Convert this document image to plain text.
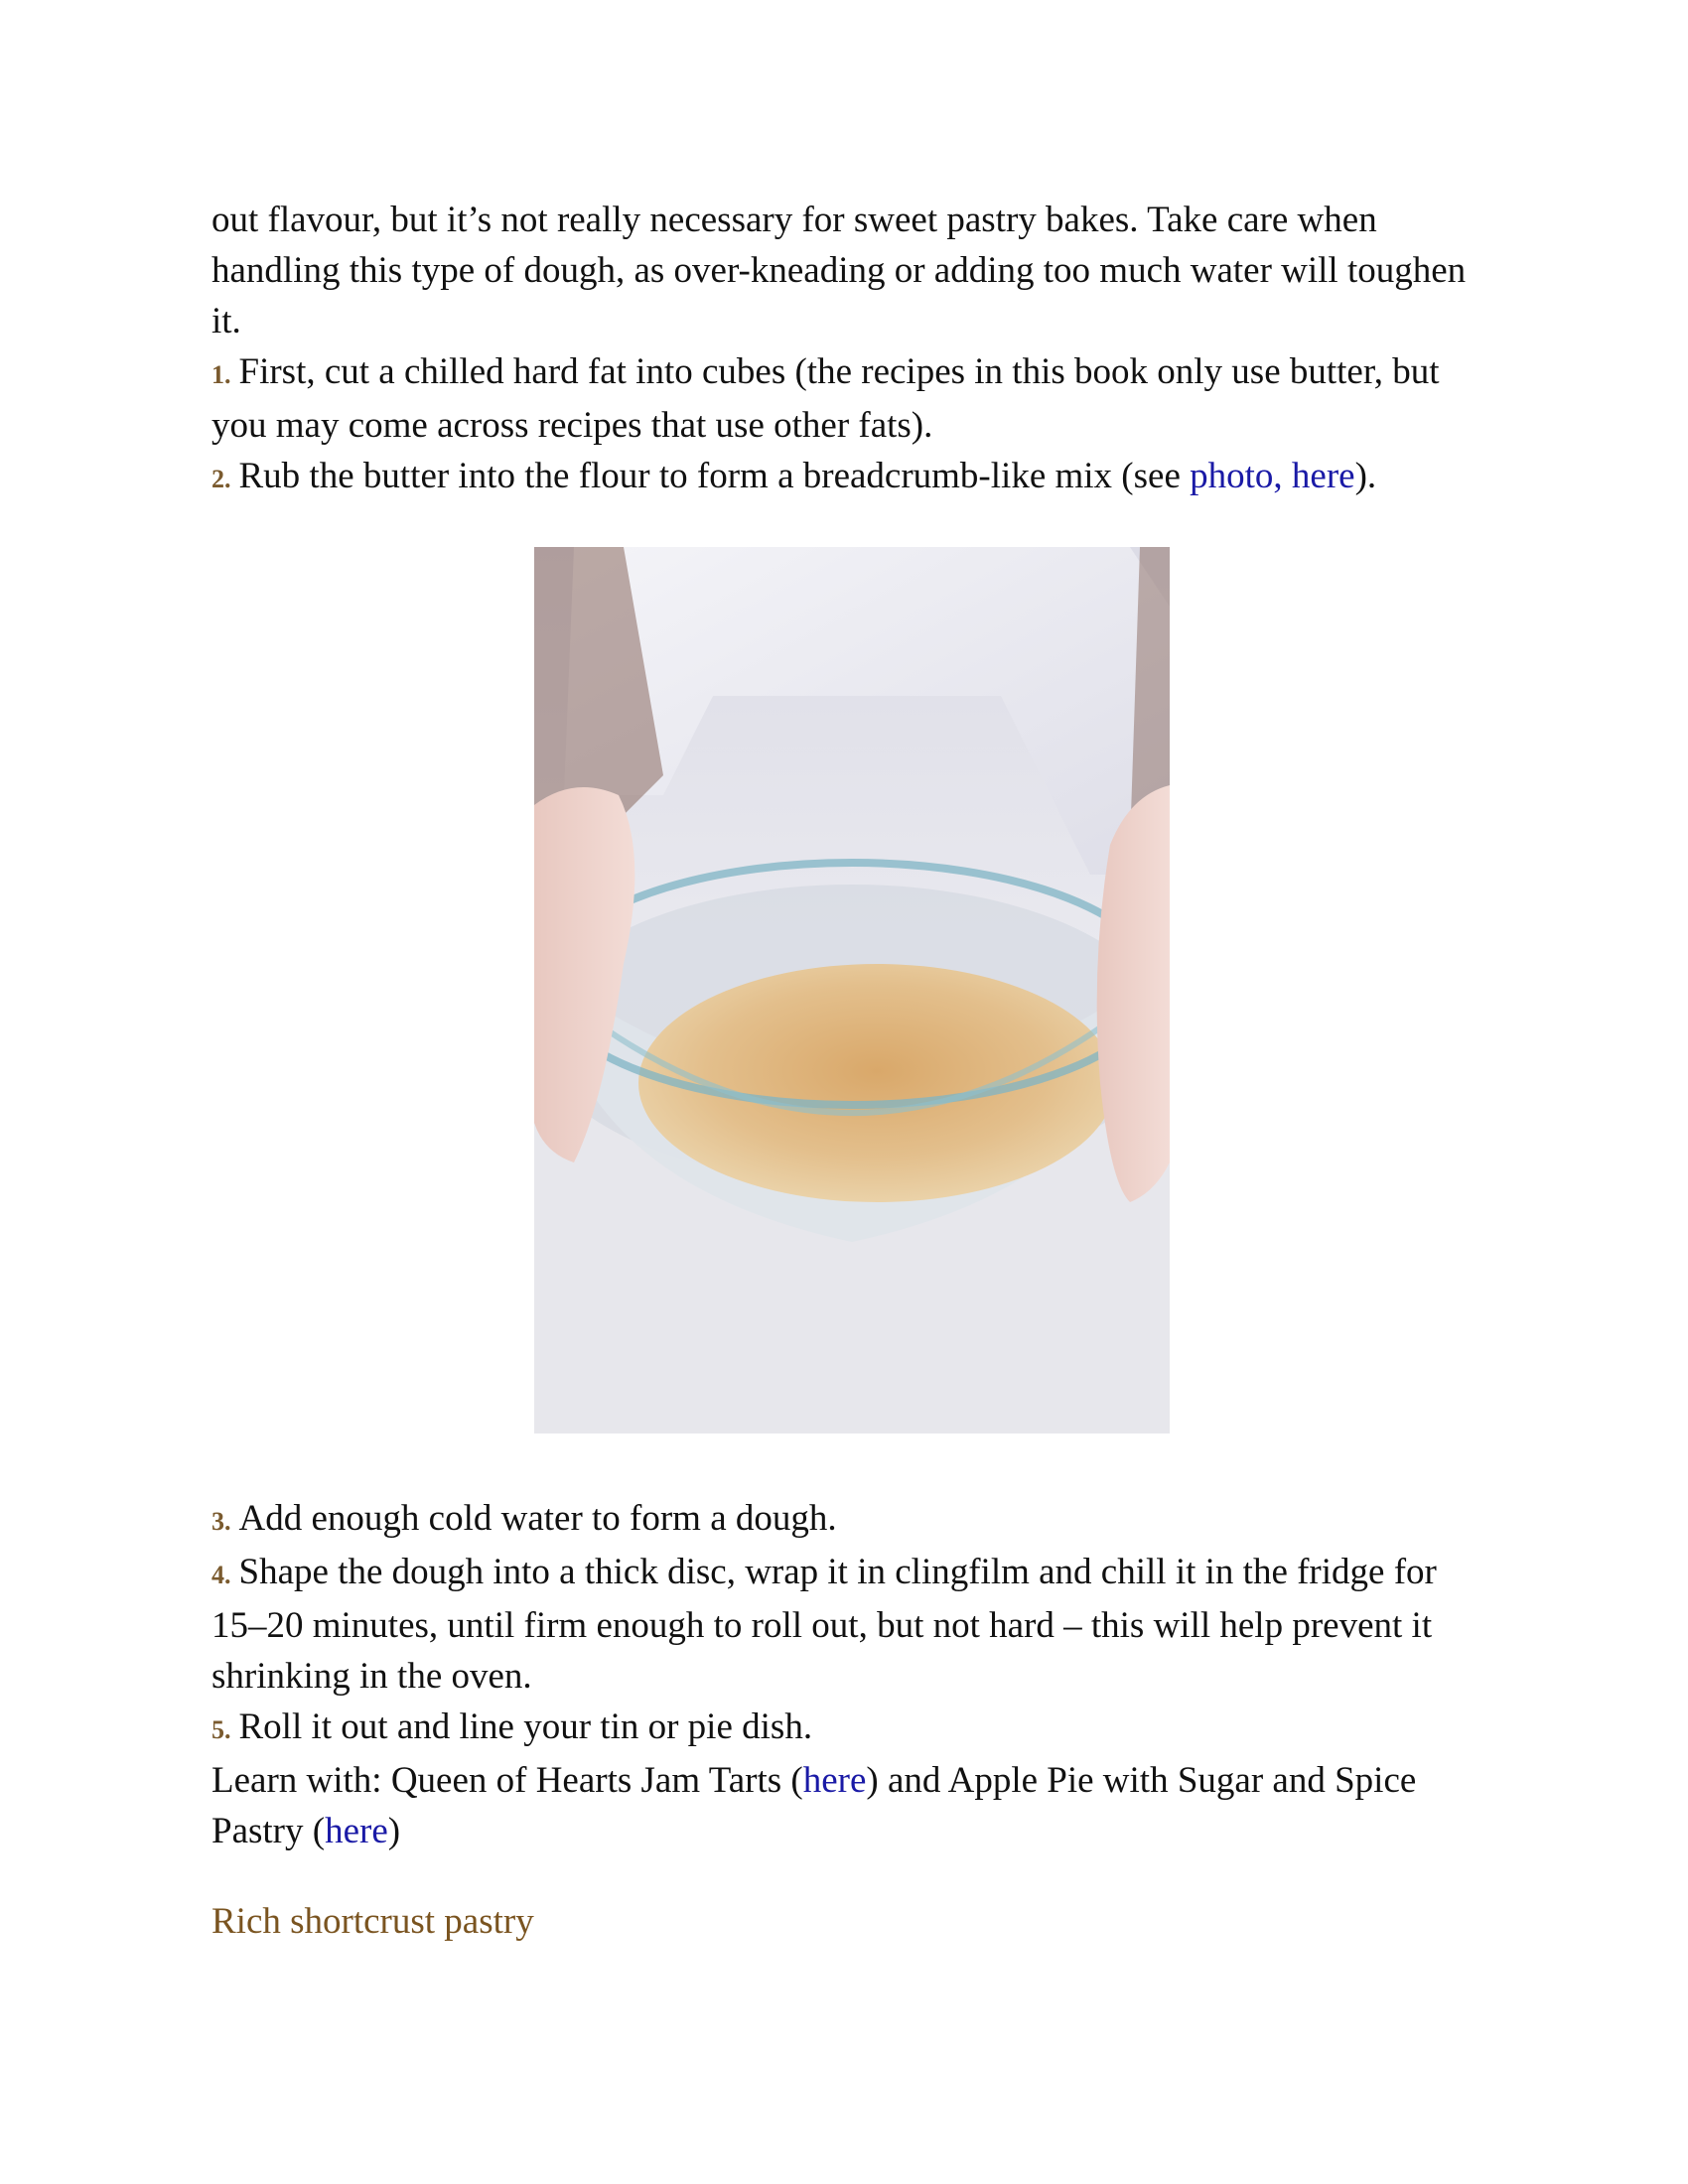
out flavour, but it’s not really necessary for sweet pastry bakes. Take care when handling this type of dough, as over-kneading or adding too much water will toughen it.

1. First, cut a chilled hard fat into cubes (the recipes in this book only use butter, but you may come across recipes that use other fats).

2. Rub the butter into the flour to form a breadcrumb-like mix (see photo, here).

3. Add enough cold water to form a dough.

4. Shape the dough into a thick disc, wrap it in clingfilm and chill it in the fridge for 15–20 minutes, until firm enough to roll out, but not hard – this will help prevent it shrinking in the oven.

5. Roll it out and line your tin or pie dish.

Learn with: Queen of Hearts Jam Tarts (here) and Apple Pie with Sugar and Spice Pastry (here)

Rich shortcrust pastry
